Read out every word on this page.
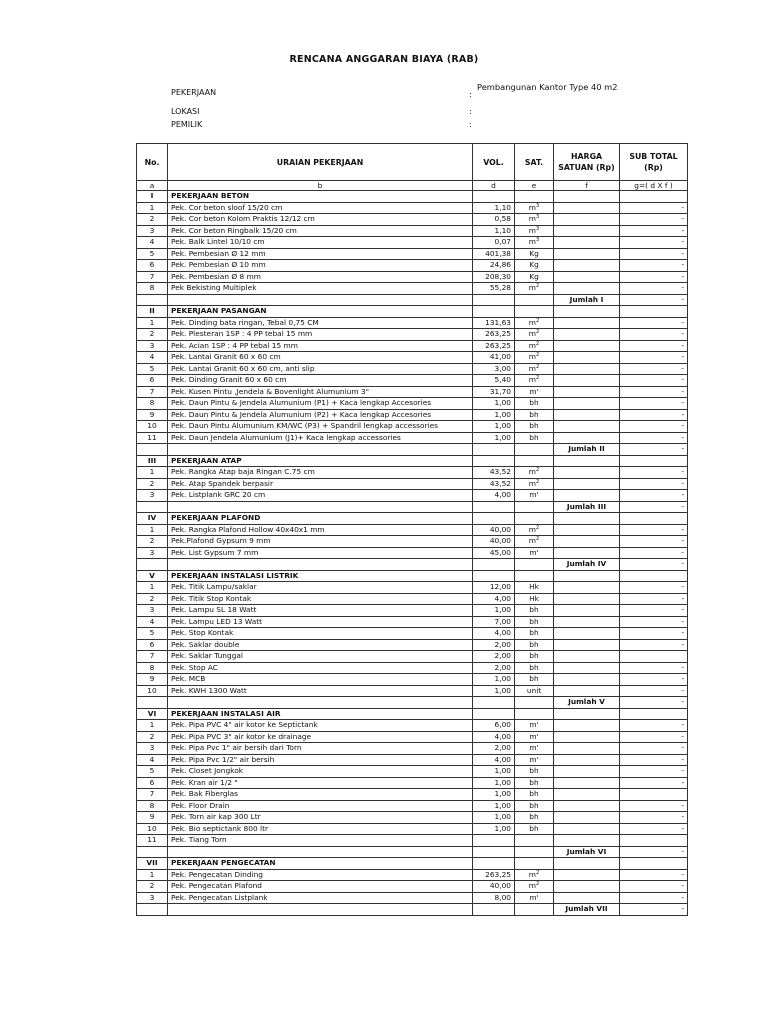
RENCANA ANGGARAN BIAYA (RAB)
PEKERJAAN	:
Pembangunan Kantor Type 40 m2
LOKASI	:
PEMILIK	:
No.	URAIAN PEKERJAAN	VOL.	SAT.	HARGA SATUAN (Rp)	SUB TOTAL (Rp)
a	b	d	e	f	g=( d X f )
I	PEKERJAAN BETON				
1	Pek. Cor beton sloof 15/20 cm	1,10	$m^3$		-
2	Pek. Cor beton Kolom Praktis 12/12 cm	0,58	$m^3$		-
3	Pek. Cor beton Ringbalk 15/20 cm	1,10	$m^3$		-
4	Pek. Balk Lintel 10/10 cm	0,07	$m^3$		-
5	Pek. Pembesian Ø 12 mm	401,38	Kg		-
6	Pek. Pembesian Ø 10 mm	24,86	Kg		-
7	Pek. Pembesian Ø 8 mm	208,30	Kg		-
8	Pek Bekisting Multiplek	55,28	$m^2$		-
				Jumlah I	-
II	PEKERJAAN PASANGAN				
1	Pek. Dinding bata ringan, Tebal 0,75 CM	131,63	$m^2$		-
2	Pek. Plesteran 1SP : 4 PP tebal 15 mm	263,25	$m^2$		-
3	Pek. Acian 1SP : 4 PP tebal 15 mm	263,25	$m^2$		-
4	Pek. Lantai Granit 60 x 60 cm	41,00	$m^2$		-
5	Pek. Lantai Granit 60 x 60 cm, anti slip	3,00	$m^2$		-
6	Pek. Dinding Granit 60 x 60 cm	5,40	$m^2$		-
7	Pek. Kusen Pintu ,Jendela & Bovenlight Alumunium 3"	31,70	m'		-
8	Pek. Daun Pintu & Jendela Alumunium (P1) + Kaca lengkap Accesories	1,00	bh		-
9	Pek. Daun Pintu & Jendela Alumunium (P2) + Kaca lengkap Accesories	1,00	bh		-
10	Pek. Daun Pintu Alumunium KM/WC (P3) + Spandril lengkap accessories	1,00	bh		-
11	Pek. Daun Jendela Alumunium (J1)+ Kaca lengkap accessories	1,00	bh		-
				Jumlah II	-
III	PEKERJAAN ATAP				
1	Pek. Rangka Atap baja Ringan C.75 cm	43,52	$m^2$		-
2	Pek. Atap Spandek berpasir	43,52	$m^2$		-
3	Pek. Listplank GRC 20 cm	4,00	m'		-
				Jumlah III	-
IV	PEKERJAAN PLAFOND				
1	Pek. Rangka Plafond Hollow 40x40x1 mm	40,00	$m^2$		-
2	Pek.Plafond Gypsum 9 mm	40,00	$m^2$		-
3	Pek. List Gypsum 7 mm	45,00	m'		-
				Jumlah IV	-
V	PEKERJAAN INSTALASI LISTRIK				
1	Pek. Titik Lampu/saklar	12,00	Hk		-
2	Pek. Titik Stop Kontak	4,00	Hk		-
3	Pek. Lampu SL 18 Watt	1,00	bh		-
4	Pek. Lampu LED 13 Watt	7,00	bh		-
5	Pek. Stop Kontak	4,00	bh		-
6	Pek. Saklar double	2,00	bh		-
7	Pek. Saklar Tunggal	2,00	bh		
8	Pek. Stop AC	2,00	bh		-
9	Pek. MCB	1,00	bh		-
10	Pek. KWH 1300 Watt	1,00	unit		-
				Jumlah V	-
VI	PEKERJAAN INSTALASI AIR				
1	Pek. Pipa PVC 4" air kotor ke Septictank	6,00	m'		-
2	Pek. Pipa PVC 3" air kotor ke drainage	4,00	m'		-
3	Pek. Pipa Pvc 1" air bersih dari Torn	2,00	m'		-
4	Pek. Pipa Pvc 1/2" air bersih	4,00	m'		-
5	Pek. Closet Jongkok	1,00	bh		-
6	Pek. Kran air 1/2 "	1,00	bh		-
7	Pek. Bak Fiberglas	1,00	bh		
8	Pek. Floor Drain	1,00	bh		-
9	Pek. Torn air kap 300 Ltr	1,00	bh		-
10	Pek. Bio septictank 800 ltr	1,00	bh		-
11	Pek. Tiang Torn				
				Jumlah VI	-
VII	PEKERJAAN PENGECATAN				
1	Pek. Pengecatan Dinding	263,25	$m^2$		-
2	Pek. Pengecatan Plafond	40,00	$m^2$		-
3	Pek. Pengecatan Listplank	8,00	m'		-
				Jumlah VII	-
